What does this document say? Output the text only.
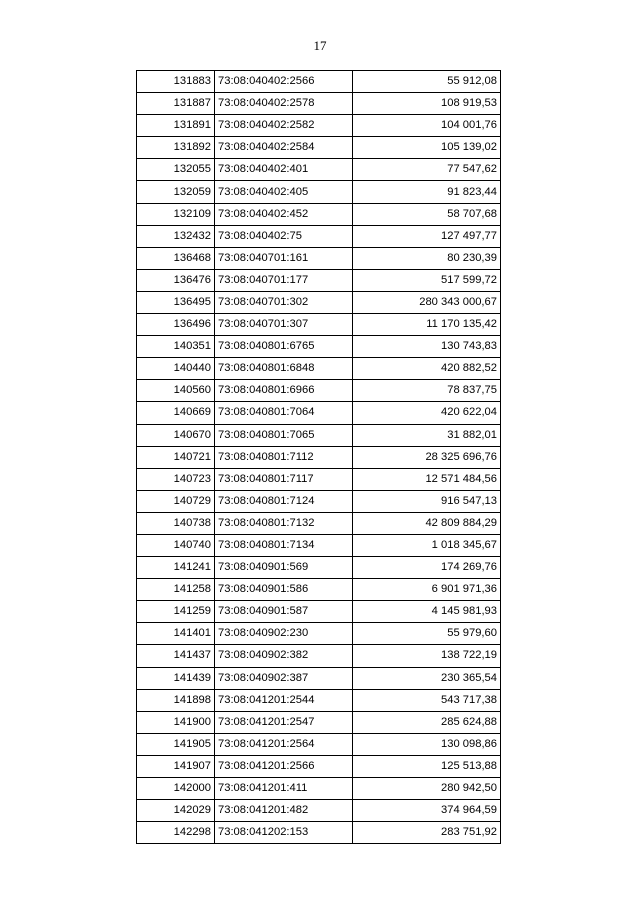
17
131883	73:08:040402:2566	55 912,08
131887	73:08:040402:2578	108 919,53
131891	73:08:040402:2582	104 001,76
131892	73:08:040402:2584	105 139,02
132055	73:08:040402:401	77 547,62
132059	73:08:040402:405	91 823,44
132109	73:08:040402:452	58 707,68
132432	73:08:040402:75	127 497,77
136468	73:08:040701:161	80 230,39
136476	73:08:040701:177	517 599,72
136495	73:08:040701:302	280 343 000,67
136496	73:08:040701:307	11 170 135,42
140351	73:08:040801:6765	130 743,83
140440	73:08:040801:6848	420 882,52
140560	73:08:040801:6966	78 837,75
140669	73:08:040801:7064	420 622,04
140670	73:08:040801:7065	31 882,01
140721	73:08:040801:7112	28 325 696,76
140723	73:08:040801:7117	12 571 484,56
140729	73:08:040801:7124	916 547,13
140738	73:08:040801:7132	42 809 884,29
140740	73:08:040801:7134	1 018 345,67
141241	73:08:040901:569	174 269,76
141258	73:08:040901:586	6 901 971,36
141259	73:08:040901:587	4 145 981,93
141401	73:08:040902:230	55 979,60
141437	73:08:040902:382	138 722,19
141439	73:08:040902:387	230 365,54
141898	73:08:041201:2544	543 717,38
141900	73:08:041201:2547	285 624,88
141905	73:08:041201:2564	130 098,86
141907	73:08:041201:2566	125 513,88
142000	73:08:041201:411	280 942,50
142029	73:08:041201:482	374 964,59
142298	73:08:041202:153	283 751,92
